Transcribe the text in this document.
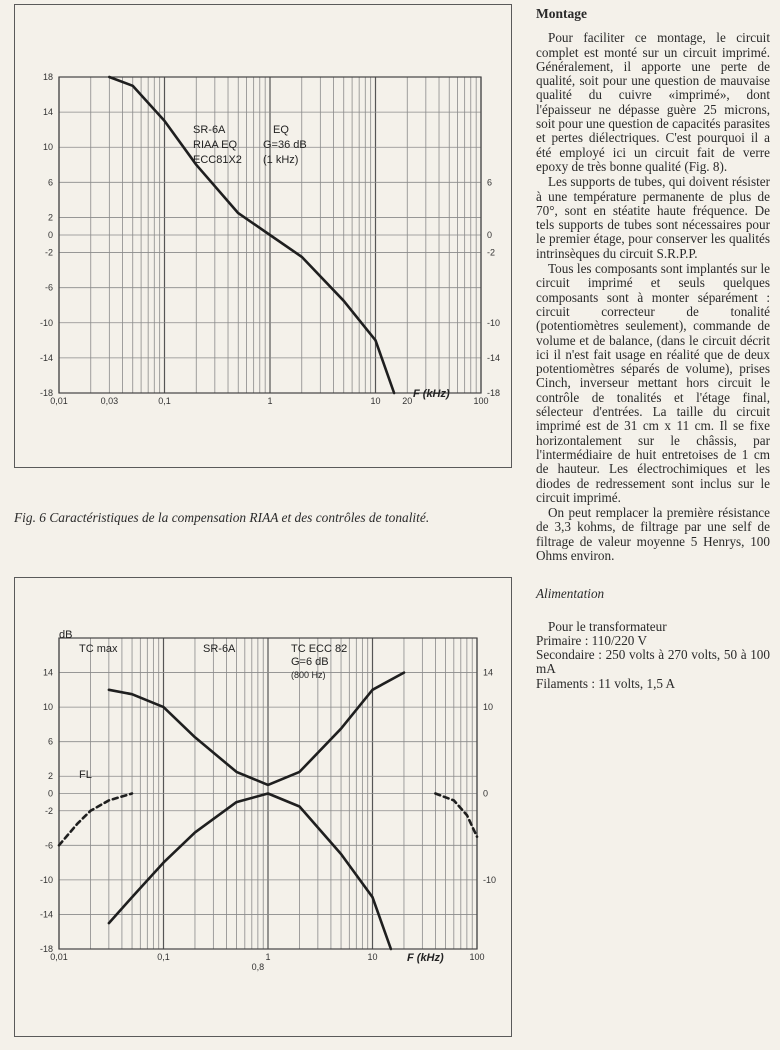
18
14
10
6
2
0
-2
-6
-10
-14
-18
0
-2
6
-10
-14
-18
0,01	0,03	0,1	1	10 20	100
SR-6A	EQ
RIAA EQ G=36 dB
ECC81X2 (1 kHz)
F (kHz)
Fig. 6 Caractéristiques de la compensation RIAA et des contrôles de tonalité.
14
10
6
2
0
-2
-6
-10
-14
-18
14
10
0
-10
0,01	0,1	1
0,8
10	100
dB
TC max	SR-6A	TC ECC 82
G=6 dB
(800 Hz)
FL
F (kHz)
Montage

Pour faciliter ce montage, le circuit complet est monté sur un circuit imprimé. Généralement, il apporte une perte de qualité, soit pour une question de mauvaise qualité du cuivre «imprimé», dont l'épaisseur ne dépasse guère 25 microns, soit pour une question de capacités parasites et pertes diélectriques. C'est pourquoi il a été employé ici un circuit fait de verre epoxy de très bonne qualité (Fig. 8).

Les supports de tubes, qui doivent résister à une température permanente de plus de 70°, sont en stéatite haute fréquence. De tels supports de tubes sont nécessaires pour le premier étage, pour conserver les qualités intrinsèques du circuit S.R.P.P.

Tous les composants sont implantés sur le circuit imprimé et seuls quelques composants sont à monter séparément : circuit correcteur de tonalité (potentiomètres seulement), commande de volume et de balance, (dans le circuit décrit ici il n'est fait usage en réalité que de deux potentiomètres séparés de volume), prises Cinch, inverseur mettant hors circuit le contrôle de tonalités et l'étage final, sélecteur d'entrées. La taille du circuit imprimé est de 31 cm x 11 cm. Il se fixe horizontalement sur le châssis, par l'intermédiaire de huit entretoises de 1 cm de hauteur. Les électrochimiques et les diodes de redressement sont inclus sur le circuit imprimé.

On peut remplacer la première résistance de 3,3 kohms, de filtrage par une self de filtrage de valeur moyenne 5 Henrys, 100 Ohms environ.

Alimentation

Pour le transformateur

Primaire : 110/220 V

Secondaire : 250 volts à 270 volts, 50 à 100 mA

Filaments : 11 volts, 1,5 A
